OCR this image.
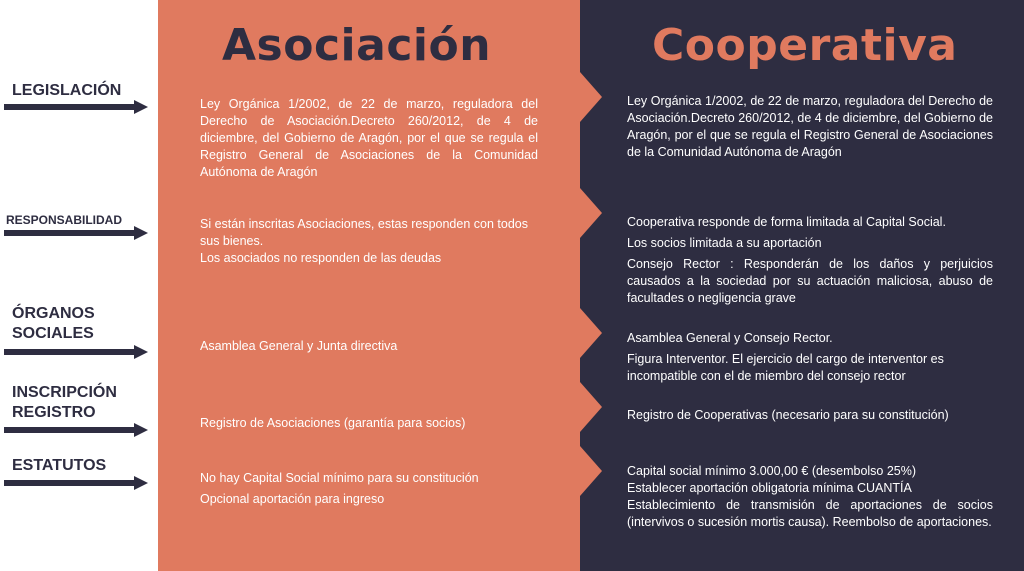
Asociación	Cooperativa
LEGISLACIÓN
RESPONSABILIDAD
ÓRGANOS
SOCIALES
INSCRIPCIÓN
REGISTRO
ESTATUTOS

Ley Orgánica 1/2002, de 22 de marzo, reguladora del Derecho de Asociación.Decreto 260/2012, de 4 de diciembre, del Gobierno de Aragón, por el que se regula el Registro General de Asociaciones de la Comunidad Autónoma de Aragón

Si están inscritas Asociaciones, estas responden con todos sus bienes.

Los asociados no responden de las deudas

Asamblea General y Junta directiva

Registro de Asociaciones (garantía para socios)

No hay Capital Social mínimo para su constitución

Opcional aportación para ingreso

Ley Orgánica 1/2002, de 22 de marzo, reguladora del Derecho de Asociación.Decreto 260/2012, de 4 de diciembre, del Gobierno de Aragón, por el que se regula el Registro General de Asociaciones de la Comunidad Autónoma de Aragón

Cooperativa responde de forma limitada al Capital Social.

Los socios limitada a su aportación

Consejo Rector : Responderán de los daños y perjuicios causados a la sociedad por su actuación maliciosa, abuso de facultades o negligencia grave

Asamblea General y Consejo Rector.

Figura Interventor. El ejercicio del cargo de interventor es incompatible con el de miembro del consejo rector

Registro de Cooperativas (necesario para su constitución)

Capital social mínimo 3.000,00 € (desembolso 25%)

Establecer aportación obligatoria mínima CUANTÍA

Establecimiento de transmisión de aportaciones de socios (intervivos o sucesión mortis causa). Reembolso de aportaciones.
